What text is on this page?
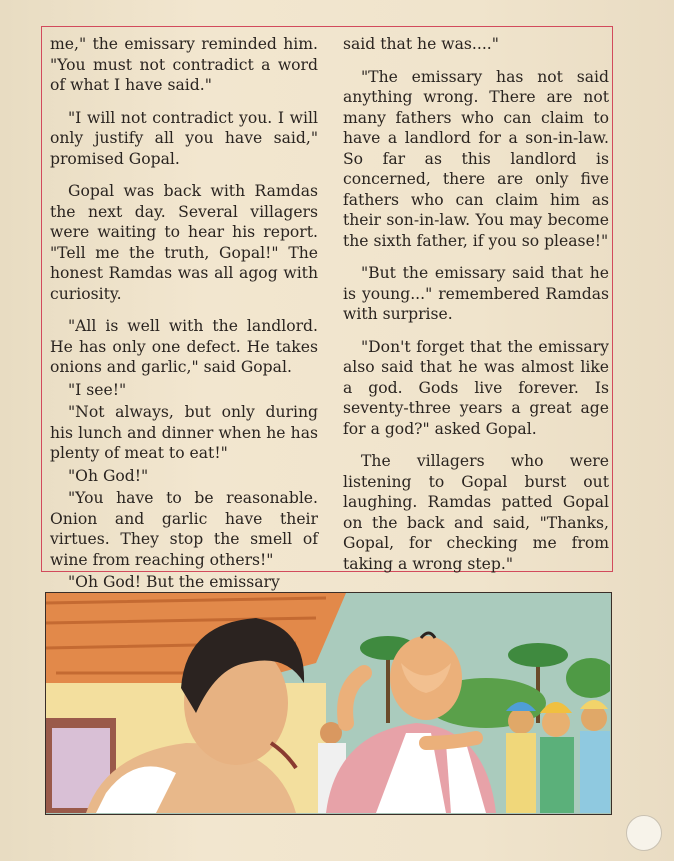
me," the emissary reminded him. "You must not contradict a word of what I have said."

"I will not contradict you. I will only justify all you have said," promised Gopal.

Gopal was back with Ramdas the next day. Several villagers were waiting to hear his report. "Tell me the truth, Gopal!" The honest Ramdas was all agog with curiosity.

"All is well with the landlord. He has only one defect. He takes onions and garlic," said Gopal.

"I see!"

"Not always, but only during his lunch and dinner when he has plenty of meat to eat!"

"Oh God!"

"You have to be reasonable. Onion and garlic have their virtues. They stop the smell of wine from reaching others!"

"Oh God! But the emissary

said that he was...."

"The emissary has not said anything wrong. There are not many fathers who can claim to have a landlord for a son-in-law. So far as this landlord is concerned, there are only five fathers who can claim him as their son-in-law. You may become the sixth father, if you so please!"

"But the emissary said that he is young..." remembered Ramdas with surprise.

"Don't forget that the emissary also said that he was almost like a god. Gods live forever. Is seventy-three years a great age for a god?" asked Gopal.

The villagers who were listening to Gopal burst out laughing. Ramdas patted Gopal on the back and said, "Thanks, Gopal, for checking me from taking a wrong step."
